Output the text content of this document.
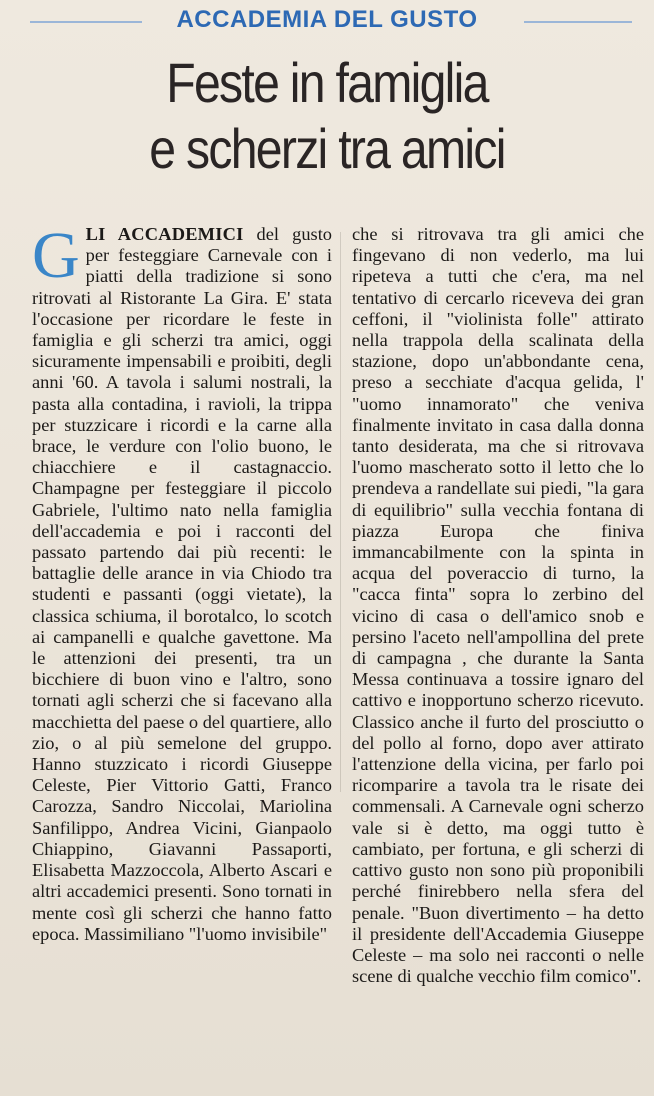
ACCADEMIA DEL GUSTO
Feste in famiglia
e scherzi tra amici

GLI ACCADEMICI del gusto per festeggiare Carnevale con i piatti della tradizione si sono ritrovati al Ristorante La Gira. E' stata l'occasione per ricordare le feste in famiglia e gli scherzi tra amici, oggi sicuramente impensabili e proibiti, degli anni '60. A tavola i salumi nostrali, la pasta alla contadina, i ravioli, la trippa per stuzzicare i ricordi e la carne alla brace, le verdure con l'olio buono, le chiacchiere e il castagnaccio. Champagne per festeggiare il piccolo Gabriele, l'ultimo nato nella famiglia dell'accademia e poi i racconti del passato partendo dai più recenti: le battaglie delle arance in via Chiodo tra studenti e passanti (oggi vietate), la classica schiuma, il borotalco, lo scotch ai campanelli e qualche gavettone. Ma le attenzioni dei presenti, tra un bicchiere di buon vino e l'altro, sono tornati agli scherzi che si facevano alla macchietta del paese o del quartiere, allo zio, o al più semelone del gruppo. Hanno stuzzicato i ricordi Giuseppe Celeste, Pier Vittorio Gatti, Franco Carozza, Sandro Niccolai, Mariolina Sanfilippo, Andrea Vicini, Gianpaolo Chiappino, Giavanni Passaporti, Elisabetta Mazzoccola, Alberto Ascari e altri accademici presenti. Sono tornati in mente così gli scherzi che hanno fatto epoca. Massimiliano "l'uomo invisibile"

che si ritrovava tra gli amici che fingevano di non vederlo, ma lui ripeteva a tutti che c'era, ma nel tentativo di cercarlo riceveva dei gran ceffoni, il "violinista folle" attirato nella trappola della scalinata della stazione, dopo un'abbondante cena, preso a secchiate d'acqua gelida, l' "uomo innamorato" che veniva finalmente invitato in casa dalla donna tanto desiderata, ma che si ritrovava l'uomo mascherato sotto il letto che lo prendeva a randellate sui piedi, "la gara di equilibrio" sulla vecchia fontana di piazza Europa che finiva immancabilmente con la spinta in acqua del poveraccio di turno, la "cacca finta" sopra lo zerbino del vicino di casa o dell'amico snob e persino l'aceto nell'ampollina del prete di campagna , che durante la Santa Messa continuava a tossire ignaro del cattivo e inopportuno scherzo ricevuto. Classico anche il furto del prosciutto o del pollo al forno, dopo aver attirato l'attenzione della vicina, per farlo poi ricomparire a tavola tra le risate dei commensali. A Carnevale ogni scherzo vale si è detto, ma oggi tutto è cambiato, per fortuna, e gli scherzi di cattivo gusto non sono più proponibili perché finirebbero nella sfera del penale. "Buon divertimento – ha detto il presidente dell'Accademia Giuseppe Celeste – ma solo nei racconti o nelle scene di qualche vecchio film comico".
